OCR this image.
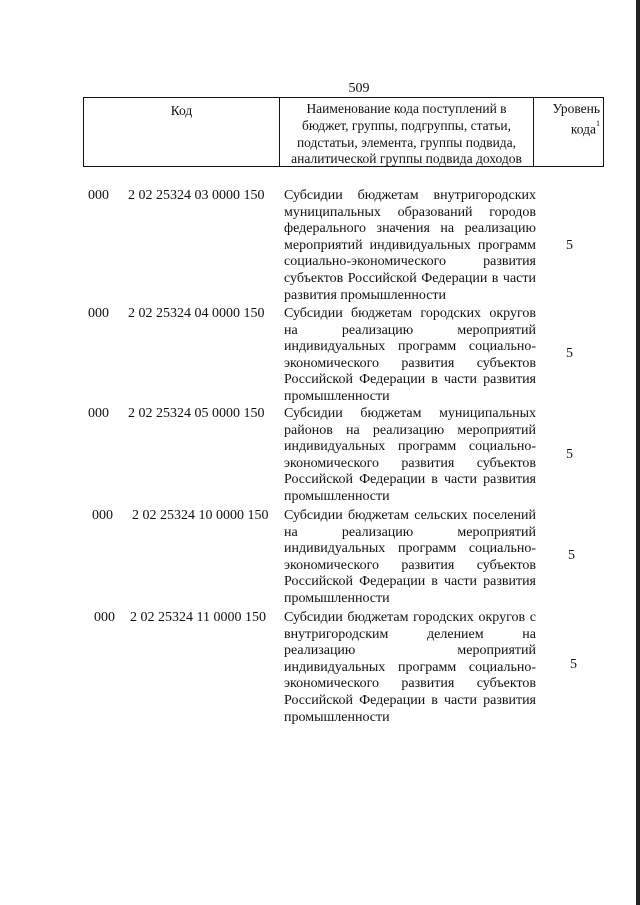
509
Код	Наименование кода поступлений в бюджет, группы, подгруппы, статьи, подстатьи, элемента, группы подвида, аналитической группы подвида доходов
Уровень кода$^1$
000 2 02 25324 03 0000 150 Субсидии бюджетам внутригородских муниципальных образований городов федерального значения на реализацию мероприятий индивидуальных программ социально-экономического развития субъектов Российской Федерации в части развития промышленности
5
000 2 02 25324 04 0000 150 Субсидии бюджетам городских округов на реализацию мероприятий индивидуальных программ социально-экономического развития субъектов Российской Федерации в части развития промышленности
5
000 2 02 25324 05 0000 150 Субсидии бюджетам муниципальных районов на реализацию мероприятий индивидуальных программ социально-экономического развития субъектов Российской Федерации в части развития промышленности
5
000 2 02 25324 10 0000 150 Субсидии бюджетам сельских поселений на реализацию мероприятий индивидуальных программ социально-экономического развития субъектов Российской Федерации в части развития промышленности
5
000 2 02 25324 11 0000 150 Субсидии бюджетам городских округов с внутригородским делением на реализацию мероприятий индивидуальных программ социально-экономического развития субъектов Российской Федерации в части развития промышленности
5
